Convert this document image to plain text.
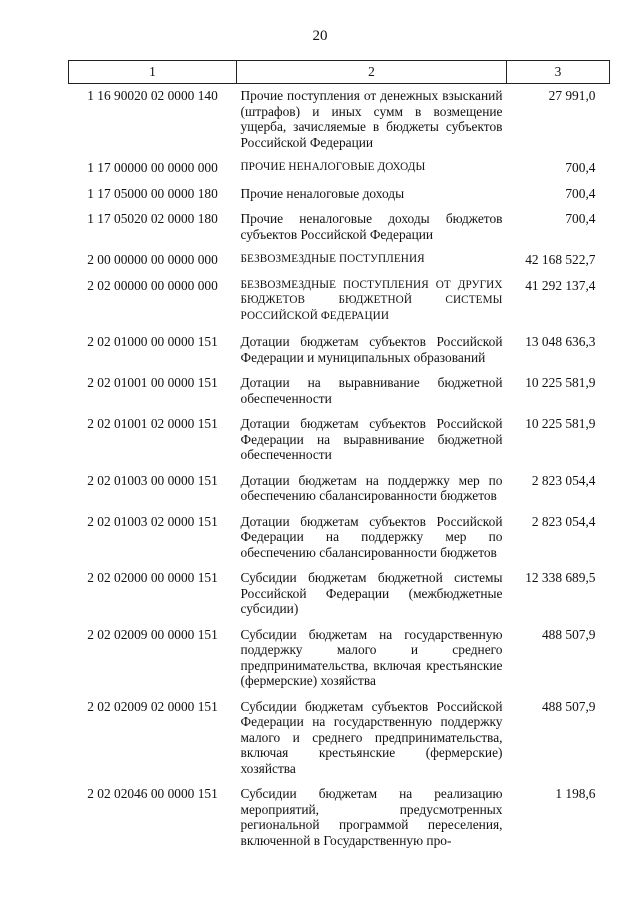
20
1	2	3
1 16 90020 02 0000 140	Прочие поступления от денежных взысканий (штрафов) и иных сумм в возмещение ущерба, зачисляемые в бюджеты субъектов Российской Федерации	27 991,0
1 17 00000 00 0000 000	ПРОЧИЕ НЕНАЛОГОВЫЕ ДОХОДЫ	700,4
1 17 05000 00 0000 180	Прочие неналоговые доходы	700,4
1 17 05020 02 0000 180	Прочие неналоговые доходы бюджетов субъектов Российской Федерации	700,4
2 00 00000 00 0000 000	БЕЗВОЗМЕЗДНЫЕ ПОСТУПЛЕНИЯ	42 168 522,7
2 02 00000 00 0000 000	БЕЗВОЗМЕЗДНЫЕ ПОСТУПЛЕНИЯ ОТ ДРУГИХ БЮДЖЕТОВ БЮДЖЕТНОЙ СИСТЕМЫ РОССИЙСКОЙ ФЕДЕРАЦИИ	41 292 137,4
2 02 01000 00 0000 151	Дотации бюджетам субъектов Российской Федерации и муниципальных образований	13 048 636,3
2 02 01001 00 0000 151	Дотации на выравнивание бюджетной обеспеченности	10 225 581,9
2 02 01001 02 0000 151	Дотации бюджетам субъектов Российской Федерации на выравнивание бюджетной обеспеченности	10 225 581,9
2 02 01003 00 0000 151	Дотации бюджетам на поддержку мер по обеспечению сбалансированности бюджетов	2 823 054,4
2 02 01003 02 0000 151	Дотации бюджетам субъектов Российской Федерации на поддержку мер по обеспечению сбалансированности бюджетов	2 823 054,4
2 02 02000 00 0000 151	Субсидии бюджетам бюджетной системы Российской Федерации (межбюджетные субсидии)	12 338 689,5
2 02 02009 00 0000 151	Субсидии бюджетам на государственную поддержку малого и среднего предпринимательства, включая крестьянские (фермерские) хозяйства	488 507,9
2 02 02009 02 0000 151	Субсидии бюджетам субъектов Российской Федерации на государственную поддержку малого и среднего предпринимательства, включая крестьянские (фермерские) хозяйства	488 507,9
2 02 02046 00 0000 151	Субсидии бюджетам на реализацию мероприятий, предусмотренных региональной программой переселения, включенной в Государственную про-	1 198,6
